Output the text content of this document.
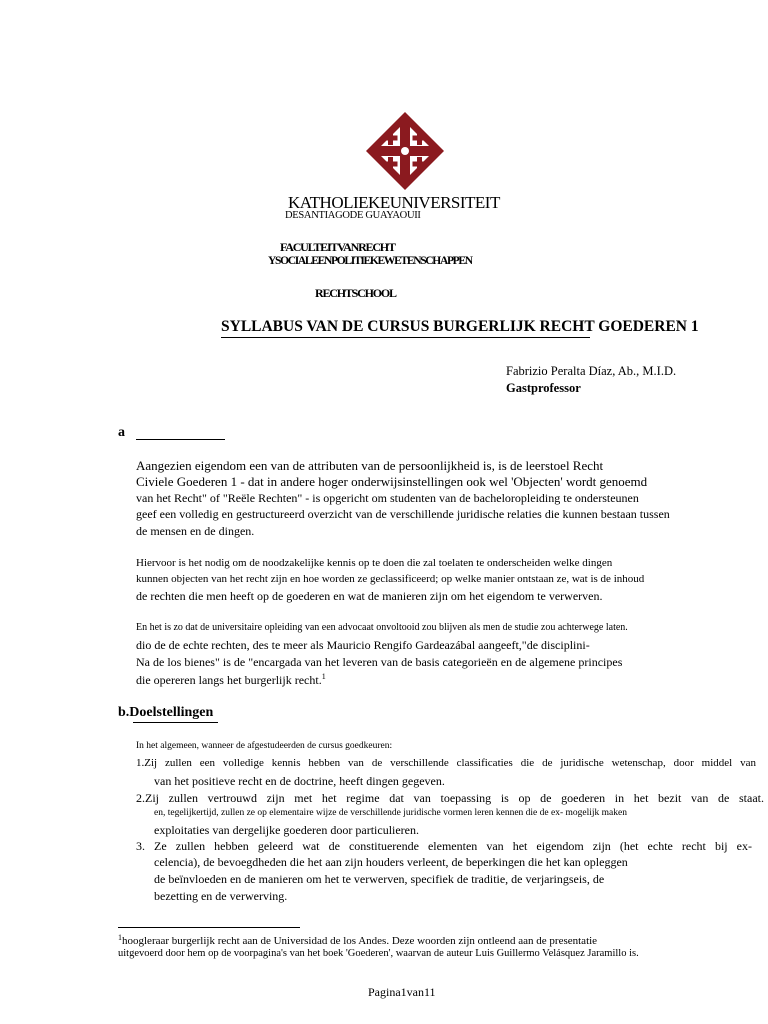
KATHOLIEKEUNIVERSITEIT
DESANTIAGODE GUAYAOUII
FACULTEITVANRECHT
YSOCIALEENPOLITIEKEWETENSCHAPPEN
RECHTSCHOOL
SYLLABUS VAN DE CURSUS BURGERLIJK RECHT GOEDEREN 1
Fabrizio Peralta Díaz, Ab., M.I.D.
Gastprofessor
a
Aangezien eigendom een van de attributen van de persoonlijkheid is, is de leerstoel Recht
Civiele Goederen 1 - dat in andere hoger onderwijsinstellingen ook wel 'Objecten' wordt genoemd
van het Recht" of "Reële Rechten" - is opgericht om studenten van de bacheloropleiding te ondersteunen
geef een volledig en gestructureerd overzicht van de verschillende juridische relaties die kunnen bestaan tussen
de mensen en de dingen.
Hiervoor is het nodig om de noodzakelijke kennis op te doen die zal toelaten te onderscheiden welke dingen
kunnen objecten van het recht zijn en hoe worden ze geclassificeerd; op welke manier ontstaan ze, wat is de inhoud
de rechten die men heeft op de goederen en wat de manieren zijn om het eigendom te verwerven.
En het is zo dat de universitaire opleiding van een advocaat onvoltooid zou blijven als men de studie zou achterwege laten.
dio de de echte rechten, des te meer als Mauricio Rengifo Gardeazábal aangeeft,"de disciplini-
Na de los bienes" is de "encargada van het leveren van de basis categorieën en de algemene principes
die opereren langs het burgerlijk recht.$^1$
b.Doelstellingen
In het algemeen, wanneer de afgestudeerden de cursus goedkeuren:
1.Zij zullen een volledige kennis hebben van de verschillende classificaties die de juridische wetenschap, door middel van
van het positieve recht en de doctrine, heeft dingen gegeven.
2.Zij zullen vertrouwd zijn met het regime dat van toepassing is op de goederen in het bezit van de staat.
en, tegelijkertijd, zullen ze op elementaire wijze de verschillende juridische vormen leren kennen die de ex- mogelijk maken
exploitaties van dergelijke goederen door particulieren.
3. Ze zullen hebben geleerd wat de constituerende elementen van het eigendom zijn (het echte recht bij ex-
celencia), de bevoegdheden die het aan zijn houders verleent, de beperkingen die het kan opleggen
de beïnvloeden en de manieren om het te verwerven, specifiek de traditie, de verjaringseis, de
bezetting en de verwerving.
$^1$hoogleraar burgerlijk recht aan de Universidad de los Andes. Deze woorden zijn ontleend aan de presentatie
uitgevoerd door hem op de voorpagina's van het boek 'Goederen', waarvan de auteur Luis Guillermo Velásquez Jaramillo is.
Pagina1van11
